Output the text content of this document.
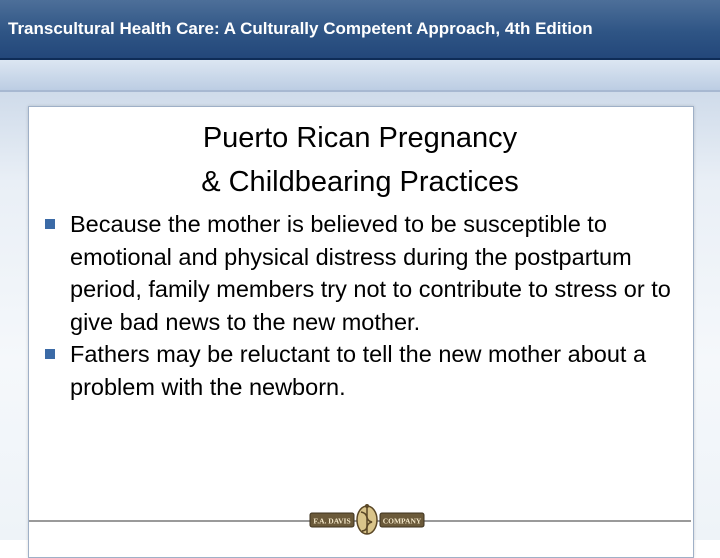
Transcultural Health Care: A Culturally Competent Approach, 4th Edition
Puerto Rican Pregnancy
& Childbearing Practices
Because the mother is believed to be susceptible to emotional and physical distress during the postpartum period, family members try not to contribute to stress or to give bad news to the new mother.
Fathers may be reluctant to tell the new mother about a problem with the newborn.
F.A. DAVIS	COMPANY
